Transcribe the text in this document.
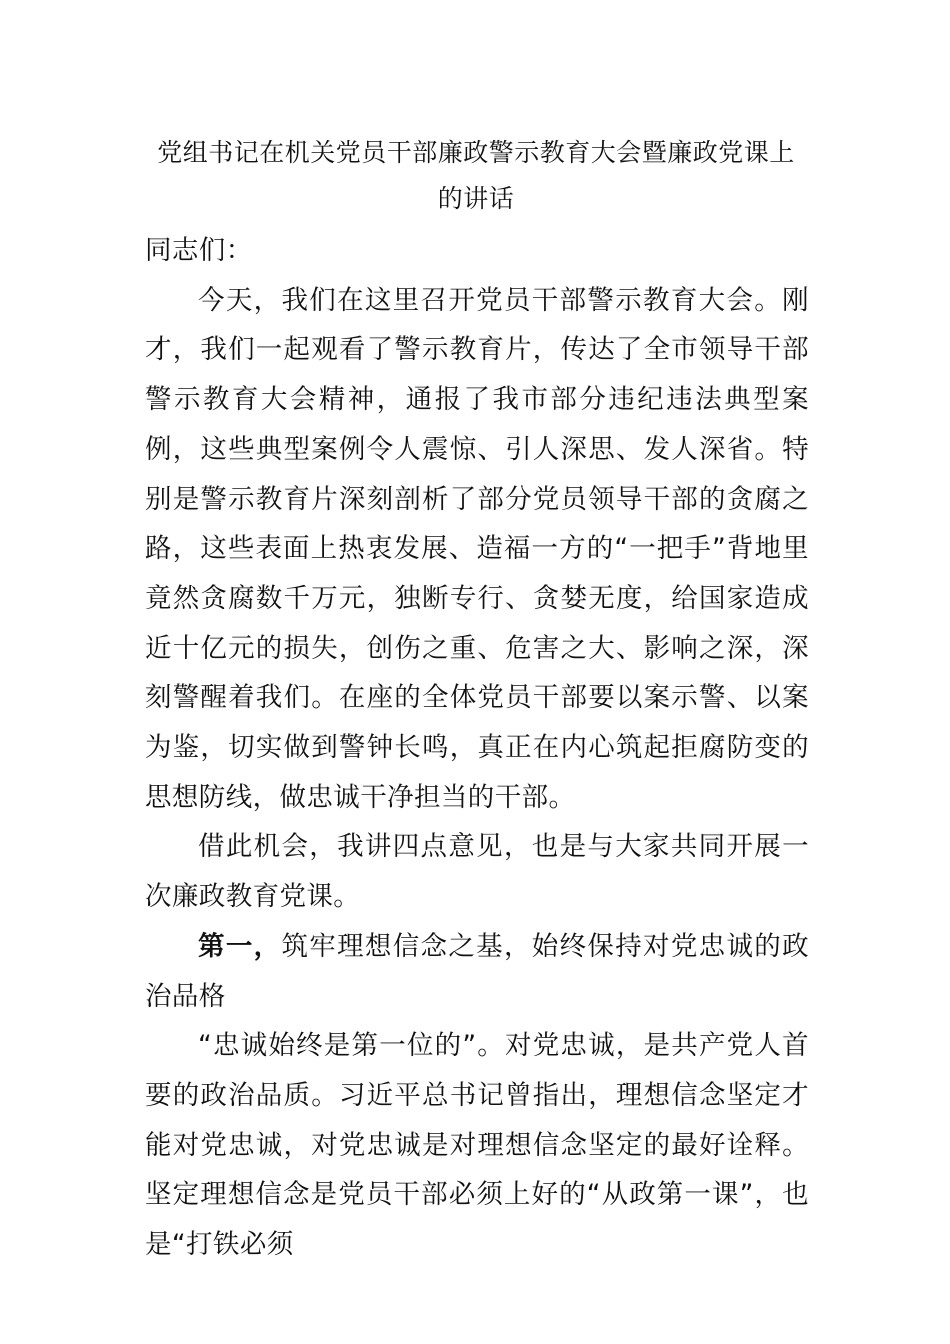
党组书记在机关党员干部廉政警示教育大会暨廉政党课上
的讲话

同志们：

今天，我们在这里召开党员干部警示教育大会。刚才，我们一起观看了警示教育片，传达了全市领导干部警示教育大会精神，通报了我市部分违纪违法典型案例，这些典型案例令人震惊、引人深思、发人深省。特别是警示教育片深刻剖析了部分党员领导干部的贪腐之路，这些表面上热衷发展、造福一方的“一把手”背地里竟然贪腐数千万元，独断专行、贪婪无度，给国家造成近十亿元的损失，创伤之重、危害之大、影响之深，深刻警醒着我们。在座的全体党员干部要以案示警、以案为鉴，切实做到警钟长鸣，真正在内心筑起拒腐防变的思想防线，做忠诚干净担当的干部。

借此机会，我讲四点意见，也是与大家共同开展一次廉政教育党课。

第一，筑牢理想信念之基，始终保持对党忠诚的政治品格

“忠诚始终是第一位的”。对党忠诚，是共产党人首要的政治品质。习近平总书记曾指出，理想信念坚定才能对党忠诚，对党忠诚是对理想信念坚定的最好诠释。坚定理想信念是党员干部必须上好的“从政第一课”，也是“打铁必须
